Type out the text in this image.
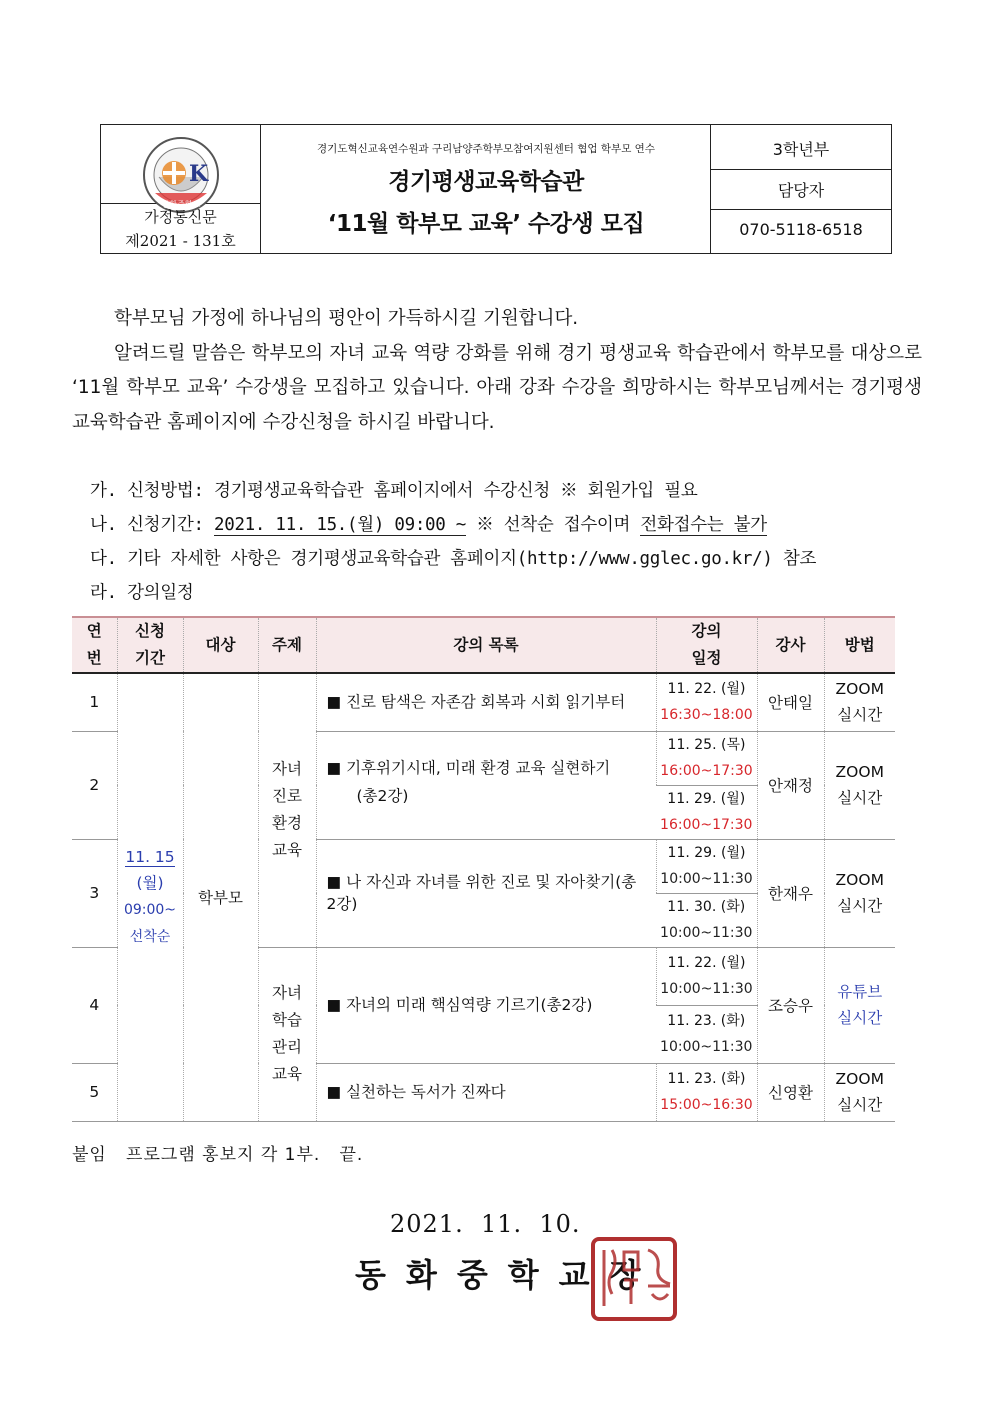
K
동화중학교
가정통신문
제2021 - 131호
경기도혁신교육연수원과 구리남양주학부모참여지원센터 협업 학부모 연수
경기평생교육학습관
‘11월 학부모 교육’ 수강생 모집
3학년부
담당자
070-5118-6518

학부모님 가정에 하나님의 평안이 가득하시길 기원합니다.

알려드릴 말씀은 학부모의 자녀 교육 역량 강화를 위해 경기 평생교육 학습관에서 학부모를 대상으로 ‘11월 학부모 교육’ 수강생을 모집하고 있습니다. 아래 강좌 수강을 희망하시는 학부모님께서는 경기평생교육학습관 홈페이지에 수강신청을 하시길 바랍니다.

가. 신청방법: 경기평생교육학습관 홈페이지에서 수강신청 ※ 회원가입 필요
나. 신청기간: 2021. 11. 15.(월) 09:00 ~ ※ 선착순 접수이며 전화접수는 불가
다. 기타 자세한 사항은 경기평생교육학습관 홈페이지(http://www.gglec.go.kr/) 참조
라. 강의일정
연
번	신청
기간	대상	주제	강의 목록	강의
일정	강사	방법
1	11. 15
(월)
09:00~
선착순	학부모	자녀
진로
환경
교육	■ 진로 탐색은 자존감 회복과 시회 읽기부터	11. 22. (월)
16:30~18:00	안태일	ZOOM
실시간

2				■ 기후위기시대, 미래 환경 교육 실현하기
(총2강)	11. 25. (목)
16:00~17:30	안재정	ZOOM
실시간
					11. 29. (월)
16:00~17:30		
3				■ 나 자신과 자녀를 위한 진로 및 자아찾기(총2강)	11. 29. (월)
10:00~11:30	한재우	ZOOM
실시간
					11. 30. (화)
10:00~11:30		
4			자녀
학습
관리
교육	■ 자녀의 미래 핵심역량 기르기(총2강)	11. 22. (월)
10:00~11:30	조승우	유튜브
실시간
					11. 23. (화)
10:00~11:30		
5				■ 실천하는 독서가 진짜다	11. 23. (화)
15:00~16:30	신영환	ZOOM
실시간

붙임   프로그램 홍보지 각 1부.   끝.
2021.  11.  10.
동화중학교장
